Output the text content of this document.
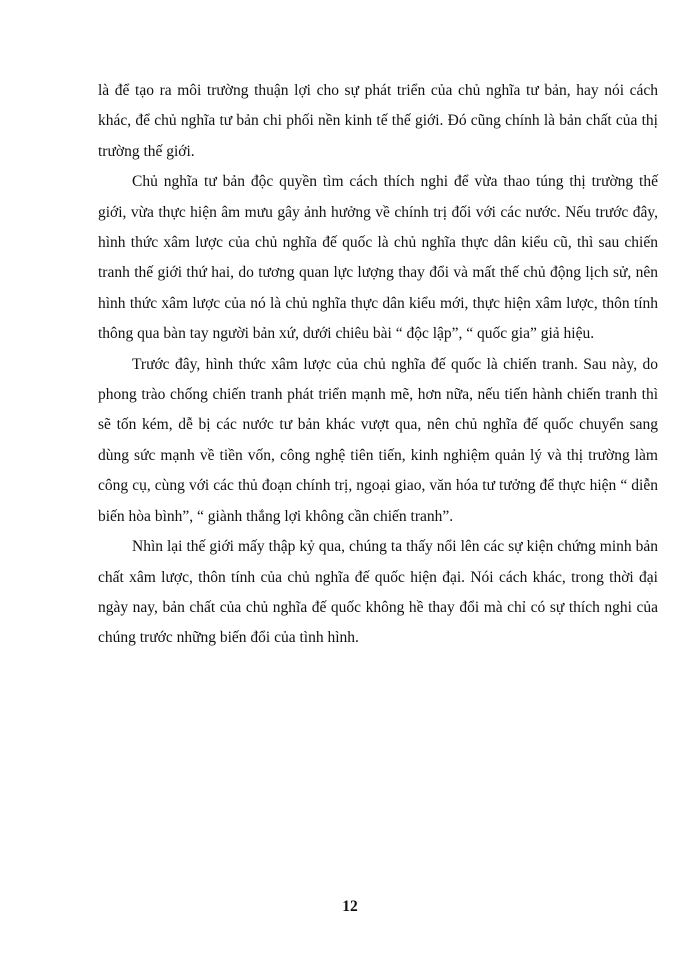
là để tạo ra môi trường thuận lợi cho sự phát triển của chủ nghĩa tư bản, hay nói cách khác, để chủ nghĩa tư bản chi phối nền kinh tế thế giới. Đó cũng chính là bản chất của thị trường thế giới.

Chủ nghĩa tư bản độc quyền tìm cách thích nghi để vừa thao túng thị trường thế giới, vừa thực hiện âm mưu gây ảnh hưởng về chính trị đối với các nước. Nếu trước đây, hình thức xâm lược của chủ nghĩa đế quốc là chủ nghĩa thực dân kiểu cũ, thì sau chiến tranh thế giới thứ hai, do tương quan lực lượng thay đổi và mất thế chủ động lịch sử, nên hình thức xâm lược của nó là chủ nghĩa thực dân kiểu mới, thực hiện xâm lược, thôn tính thông qua bàn tay người bản xứ, dưới chiêu bài “ độc lập”, “ quốc gia” giả hiệu.

Trước đây, hình thức xâm lược của chủ nghĩa đế quốc là chiến tranh. Sau này, do phong trào chống chiến tranh phát triển mạnh mẽ, hơn nữa, nếu tiến hành chiến tranh thì sẽ tốn kém, dễ bị các nước tư bản khác vượt qua, nên chủ nghĩa đế quốc chuyển sang dùng sức mạnh về tiền vốn, công nghệ tiên tiến, kinh nghiệm quản lý và thị trường làm công cụ, cùng với các thủ đoạn chính trị, ngoại giao, văn hóa tư tưởng để thực hiện “ diễn biến hòa bình”, “ giành thắng lợi không cần chiến tranh”.

Nhìn lại thế giới mấy thập kỷ qua, chúng ta thấy nổi lên các sự kiện chứng minh bản chất xâm lược, thôn tính của chủ nghĩa đế quốc hiện đại. Nói cách khác, trong thời đại ngày nay, bản chất của chủ nghĩa đế quốc không hề thay đổi mà chỉ có sự thích nghi của chúng trước những biến đổi của tình hình.

12
